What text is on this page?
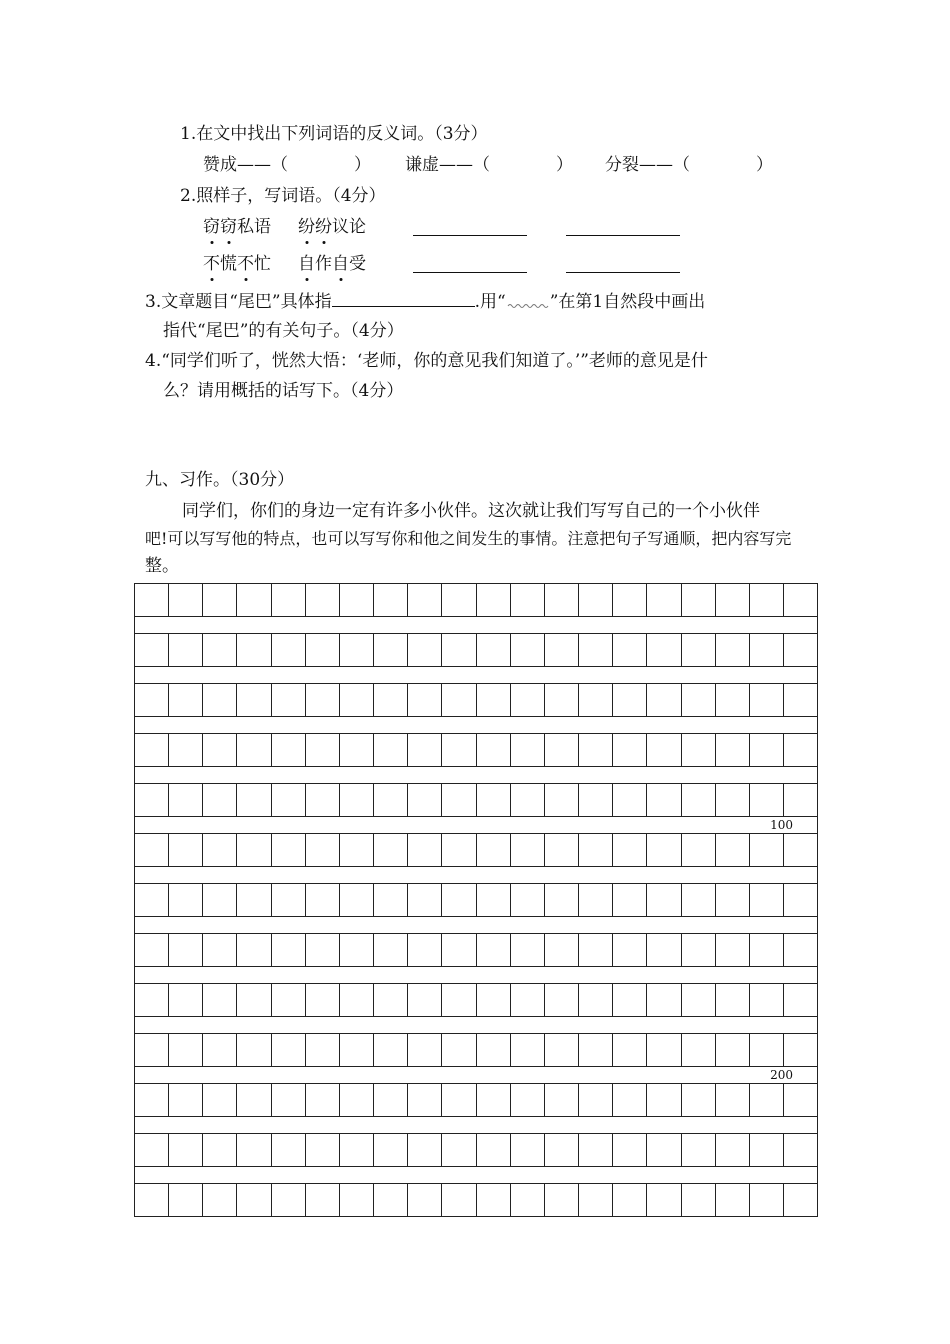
1.在文中找出下列词语的反义词。（3分）
赞成——（	） 谦虚——（	） 分裂——（	）
2.照样子，写词语。（4分）
窃窃私语 纷纷议论
不慌不忙 自作自受
3.文章题目“尾巴”具体指	.用“	”在第1自然段中画出
指代“尾巴”的有关句子。（4分）
4.“同学们听了，恍然大悟：‘老师，你的意见我们知道了。’”老师的意见是什
么？请用概括的话写下。（4分）
九、习作。（30分）
同学们，你们的身边一定有许多小伙伴。这次就让我们写写自己的一个小伙伴
吧!可以写写他的特点，也可以写写你和他之间发生的事情。注意把句子写通顺，把内容写完
整。
100
200
